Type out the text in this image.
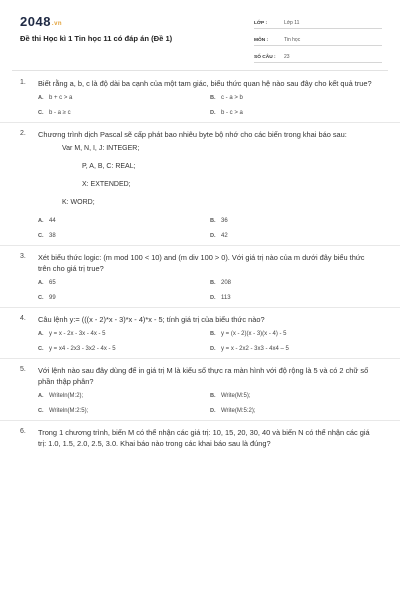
2048.vn
Đề thi Học kì 1 Tin học 11 có đáp án (Đề 1)
LỚP :	Lớp 11
MÔN :	Tin học
SỐ CÂU :	23
1.	Biết rằng a, b, c là độ dài ba cạnh của một tam giác, biểu thức quan hệ nào sau đây cho kết quả true?
A. b + c > a	B. c - a > b
C. b - a ≥ c	D. b - c > a
2.	Chương trình dịch Pascal sẽ cấp phát bao nhiêu byte bộ nhớ cho các biến trong khai báo sau:
Var M, N, I, J: INTEGER;
P, A, B, C: REAL;
X: EXTENDED;
K: WORD;
A. 44	B. 36
C. 38	D. 42
3.	Xét biểu thức logic: (m mod 100 < 10) and (m div 100 > 0). Với giá trị nào của m dưới đây biểu thức trên cho giá trị true?
A. 65	B. 208
C. 99	D. 113
4.	Câu lệnh y:= (((x - 2)*x - 3)*x - 4)*x - 5; tính giá trị của biểu thức nào?
A. y = x - 2x - 3x - 4x - 5	B. y = (x - 2)(x - 3)(x - 4) - 5
C. y = x4 - 2x3 - 3x2 - 4x - 5	D. y = x - 2x2 - 3x3 - 4x4 – 5
5.	Với lệnh nào sau đây dùng để in giá trị M là kiểu số thực ra màn hình với độ rộng là 5 và có 2 chữ số phần thập phân?
A. Writeln(M:2);	B. Write(M:5);
C. Writeln(M:2:5);	D. Write(M:5:2);
6.	Trong 1 chương trình, biến M có thể nhận các giá trị: 10, 15, 20, 30, 40 và biến N có thể nhận các giá trị: 1.0, 1.5, 2.0, 2.5, 3.0. Khai báo nào trong các khai báo sau là đúng?
